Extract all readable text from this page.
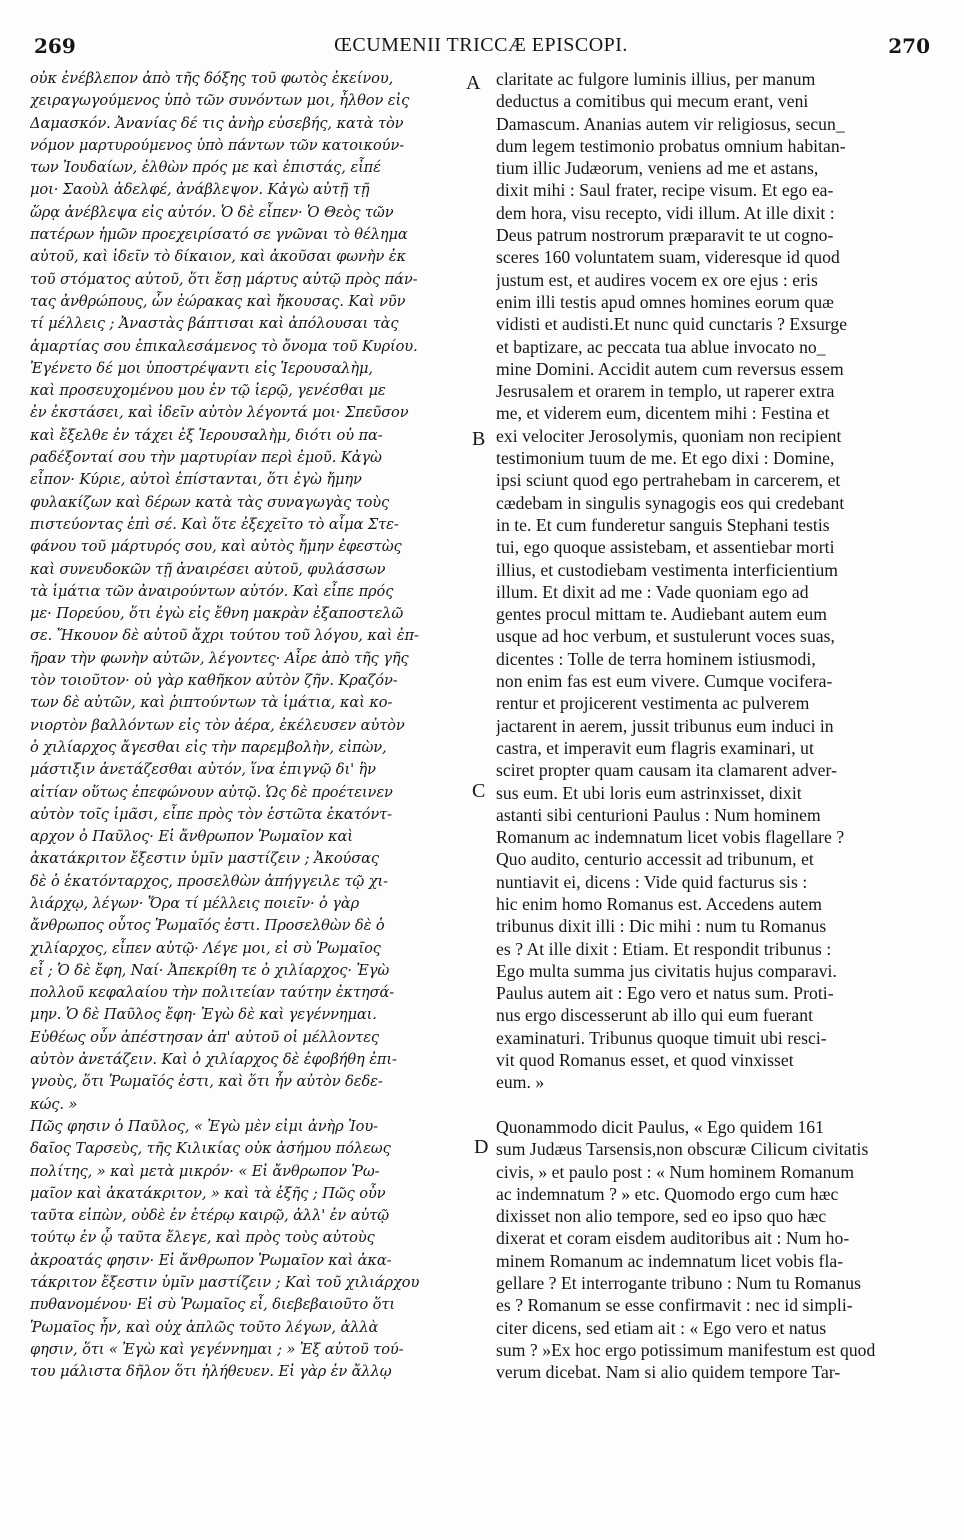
269	ŒCUMENII TRICCÆ EPISCOPI.	270
οὐκ ἐνέβλεπον ἀπὸ τῆς δόξης τοῦ φωτὸς ἐκείνου,
χειραγωγούμενος ὑπὸ τῶν συνόντων μοι, ἦλθον εἰς
Δαμασκόν. Ἀνανίας δέ τις ἀνὴρ εὐσεβής, κατὰ τὸν
νόμον μαρτυρούμενος ὑπὸ πάντων τῶν κατοικούν-
των Ἰουδαίων, ἐλθὼν πρός με καὶ ἐπιστάς, εἶπέ
μοι· Σαοὺλ ἀδελφέ, ἀνάβλεψον. Κἀγὼ αὐτῇ τῇ
ὥρᾳ ἀνέβλεψα εἰς αὐτόν. Ὁ δὲ εἶπεν· Ὁ Θεὸς τῶν
πατέρων ἡμῶν προεχειρίσατό σε γνῶναι τὸ θέλημα
αὐτοῦ, καὶ ἰδεῖν τὸ δίκαιον, καὶ ἀκοῦσαι φωνὴν ἐκ
τοῦ στόματος αὐτοῦ, ὅτι ἔσῃ μάρτυς αὐτῷ πρὸς πάν-
τας ἀνθρώπους, ὧν ἑώρακας καὶ ἤκουσας. Καὶ νῦν
τί μέλλεις ; Ἀναστὰς βάπτισαι καὶ ἀπόλουσαι τὰς
ἁμαρτίας σου ἐπικαλεσάμενος τὸ ὄνομα τοῦ Κυρίου.
Ἐγένετο δέ μοι ὑποστρέψαντι εἰς Ἱερουσαλὴμ,
καὶ προσευχομένου μου ἐν τῷ ἱερῷ, γενέσθαι με
ἐν ἐκστάσει, καὶ ἰδεῖν αὐτὸν λέγοντά μοι· Σπεῦσον
καὶ ἔξελθε ἐν τάχει ἐξ Ἱερουσαλὴμ, διότι οὐ πα-
ραδέξονταί σου τὴν μαρτυρίαν περὶ ἐμοῦ. Κἀγὼ
εἶπον· Κύριε, αὐτοὶ ἐπίστανται, ὅτι ἐγὼ ἤμην
φυλακίζων καὶ δέρων κατὰ τὰς συναγωγὰς τοὺς
πιστεύοντας ἐπὶ σέ. Καὶ ὅτε ἐξεχεῖτο τὸ αἷμα Στε-
φάνου τοῦ μάρτυρός σου, καὶ αὐτὸς ἤμην ἐφεστὼς
καὶ συνευδοκῶν τῇ ἀναιρέσει αὐτοῦ, φυλάσσων
τὰ ἱμάτια τῶν ἀναιρούντων αὐτόν. Καὶ εἶπε πρός
με· Πορεύου, ὅτι ἐγὼ εἰς ἔθνη μακρὰν ἐξαποστελῶ
σε. Ἤκουον δὲ αὐτοῦ ἄχρι τούτου τοῦ λόγου, καὶ ἐπ-
ῆραν τὴν φωνὴν αὐτῶν, λέγοντες· Αἶρε ἀπὸ τῆς γῆς
τὸν τοιοῦτον· οὐ γὰρ καθῆκον αὐτὸν ζῆν. Κραζόν-
των δὲ αὐτῶν, καὶ ῥιπτούντων τὰ ἱμάτια, καὶ κο-
νιορτὸν βαλλόντων εἰς τὸν ἀέρα, ἐκέλευσεν αὐτὸν
ὁ χιλίαρχος ἄγεσθαι εἰς τὴν παρεμβολὴν, εἰπὼν,
μάστιξιν ἀνετάζεσθαι αὐτόν, ἵνα ἐπιγνῷ δι' ἣν
αἰτίαν οὕτως ἐπεφώνουν αὐτῷ. Ὡς δὲ προέτεινεν
αὐτὸν τοῖς ἱμᾶσι, εἶπε πρὸς τὸν ἑστῶτα ἑκατόντ-
αρχον ὁ Παῦλος· Εἰ ἄνθρωπον Ῥωμαῖον καὶ
ἀκατάκριτον ἔξεστιν ὑμῖν μαστίζειν ; Ἀκούσας
δὲ ὁ ἑκατόνταρχος, προσελθὼν ἀπήγγειλε τῷ χι-
λιάρχῳ, λέγων· Ὅρα τί μέλλεις ποιεῖν· ὁ γὰρ
ἄνθρωπος οὗτος Ῥωμαῖός ἐστι. Προσελθὼν δὲ ὁ
χιλίαρχος, εἶπεν αὐτῷ· Λέγε μοι, εἰ σὺ Ῥωμαῖος
εἶ ; Ὁ δὲ ἔφη, Ναί· Ἀπεκρίθη τε ὁ χιλίαρχος· Ἐγὼ
πολλοῦ κεφαλαίου τὴν πολιτείαν ταύτην ἐκτησά-
μην. Ὁ δὲ Παῦλος ἔφη· Ἐγὼ δὲ καὶ γεγέννημαι.
Εὐθέως οὖν ἀπέστησαν ἀπ' αὐτοῦ οἱ μέλλοντες
αὐτὸν ἀνετάζειν. Καὶ ὁ χιλίαρχος δὲ ἐφοβήθη ἐπι-
γνοὺς, ὅτι Ῥωμαῖός ἐστι, καὶ ὅτι ἦν αὐτὸν δεδε-
κώς. »
Πῶς φησιν ὁ Παῦλος, « Ἐγὼ μὲν εἰμι ἀνὴρ Ἰου-
δαῖος Ταρσεὺς, τῆς Κιλικίας οὐκ ἀσήμου πόλεως
πολίτης, » καὶ μετὰ μικρόν· « Εἰ ἄνθρωπον Ῥω-
μαῖον καὶ ἀκατάκριτον, » καὶ τὰ ἑξῆς ; Πῶς οὖν
ταῦτα εἰπὼν, οὐδὲ ἐν ἑτέρῳ καιρῷ, ἀλλ' ἐν αὐτῷ
τούτῳ ἐν ᾧ ταῦτα ἔλεγε, καὶ πρὸς τοὺς αὐτοὺς
ἀκροατάς φησιν· Εἰ ἄνθρωπον Ῥωμαῖον καὶ ἀκα-
τάκριτον ἔξεστιν ὑμῖν μαστίζειν ; Καὶ τοῦ χιλιάρχου
πυθανομένου· Εἰ σὺ Ῥωμαῖος εἶ, διεβεβαιοῦτο ὅτι
Ῥωμαῖος ἦν, καὶ οὐχ ἁπλῶς τοῦτο λέγων, ἀλλὰ
φησιν, ὅτι « Ἐγὼ καὶ γεγέννημαι ; » Ἐξ αὐτοῦ τού-
του μάλιστα δῆλον ὅτι ἠλήθευεν. Εἰ γὰρ ἐν ἄλλῳ
claritate ac fulgore luminis illius, per manum
deductus a comitibus qui mecum erant, veni
Damascum. Ananias autem vir religiosus, secun_
dum legem testimonio probatus omnium habitan-
tium illic Judæorum, veniens ad me et astans,
dixit mihi : Saul frater, recipe visum. Et ego ea-
dem hora, visu recepto, vidi illum. At ille dixit :
Deus patrum nostrorum præparavit te ut cogno-
sceres 160 voluntatem suam, videresque id quod
justum est, et audires vocem ex ore ejus : eris
enim illi testis apud omnes homines eorum quæ
vidisti et audisti.Et nunc quid cunctaris ? Exsurge
et baptizare, ac peccata tua ablue invocato no_
mine Domini. Accidit autem cum reversus essem
Jesrusalem et orarem in templo, ut raperer extra
me, et viderem eum, dicentem mihi : Festina et
exi velociter Jerosolymis, quoniam non recipient
testimonium tuum de me. Et ego dixi : Domine,
ipsi sciunt quod ego pertrahebam in carcerem, et
cædebam in singulis synagogis eos qui credebant
in te. Et cum funderetur sanguis Stephani testis
tui, ego quoque assistebam, et assentiebar morti
illius, et custodiebam vestimenta interficientium
illum. Et dixit ad me : Vade quoniam ego ad
gentes procul mittam te. Audiebant autem eum
usque ad hoc verbum, et sustulerunt voces suas,
dicentes : Tolle de terra hominem istiusmodi,
non enim fas est eum vivere. Cumque vocifera-
rentur et projicerent vestimenta ac pulverem
jactarent in aerem, jussit tribunus eum induci in
castra, et imperavit eum flagris examinari, ut
sciret propter quam causam ita clamarent adver-
sus eum. Et ubi loris eum astrinxisset, dixit
astanti sibi centurioni Paulus : Num hominem
Romanum ac indemnatum licet vobis flagellare ?
Quo audito, centurio accessit ad tribunum, et
nuntiavit ei, dicens : Vide quid facturus sis :
hic enim homo Romanus est. Accedens autem
tribunus dixit illi : Dic mihi : num tu Romanus
es ? At ille dixit : Etiam. Et respondit tribunus :
Ego multa summa jus civitatis hujus comparavi.
Paulus autem ait : Ego vero et natus sum. Proti-
nus ergo discesserunt ab illo qui eum fuerant
examinaturi. Tribunus quoque timuit ubi resci-
vit quod Romanus esset, et quod vinxisset
eum. »
Quonammodo dicit Paulus, « Ego quidem 161
sum Judæus Tarsensis,non obscuræ Cilicum civitatis
civis, » et paulo post : « Num hominem Romanum
ac indemnatum ? » etc. Quomodo ergo cum hæc
dixisset non alio tempore, sed eo ipso quo hæc
dixerat et coram eisdem auditoribus ait : Num ho-
minem Romanum ac indemnatum licet vobis fla-
gellare ? Et interrogante tribuno : Num tu Romanus
es ? Romanum se esse confirmavit : nec id simpli-
citer dicens, sed etiam ait : « Ego vero et natus
sum ? »Ex hoc ergo potissimum manifestum est quod
verum dicebat. Nam si alio quidem tempore Tar-
A
B
C
D
